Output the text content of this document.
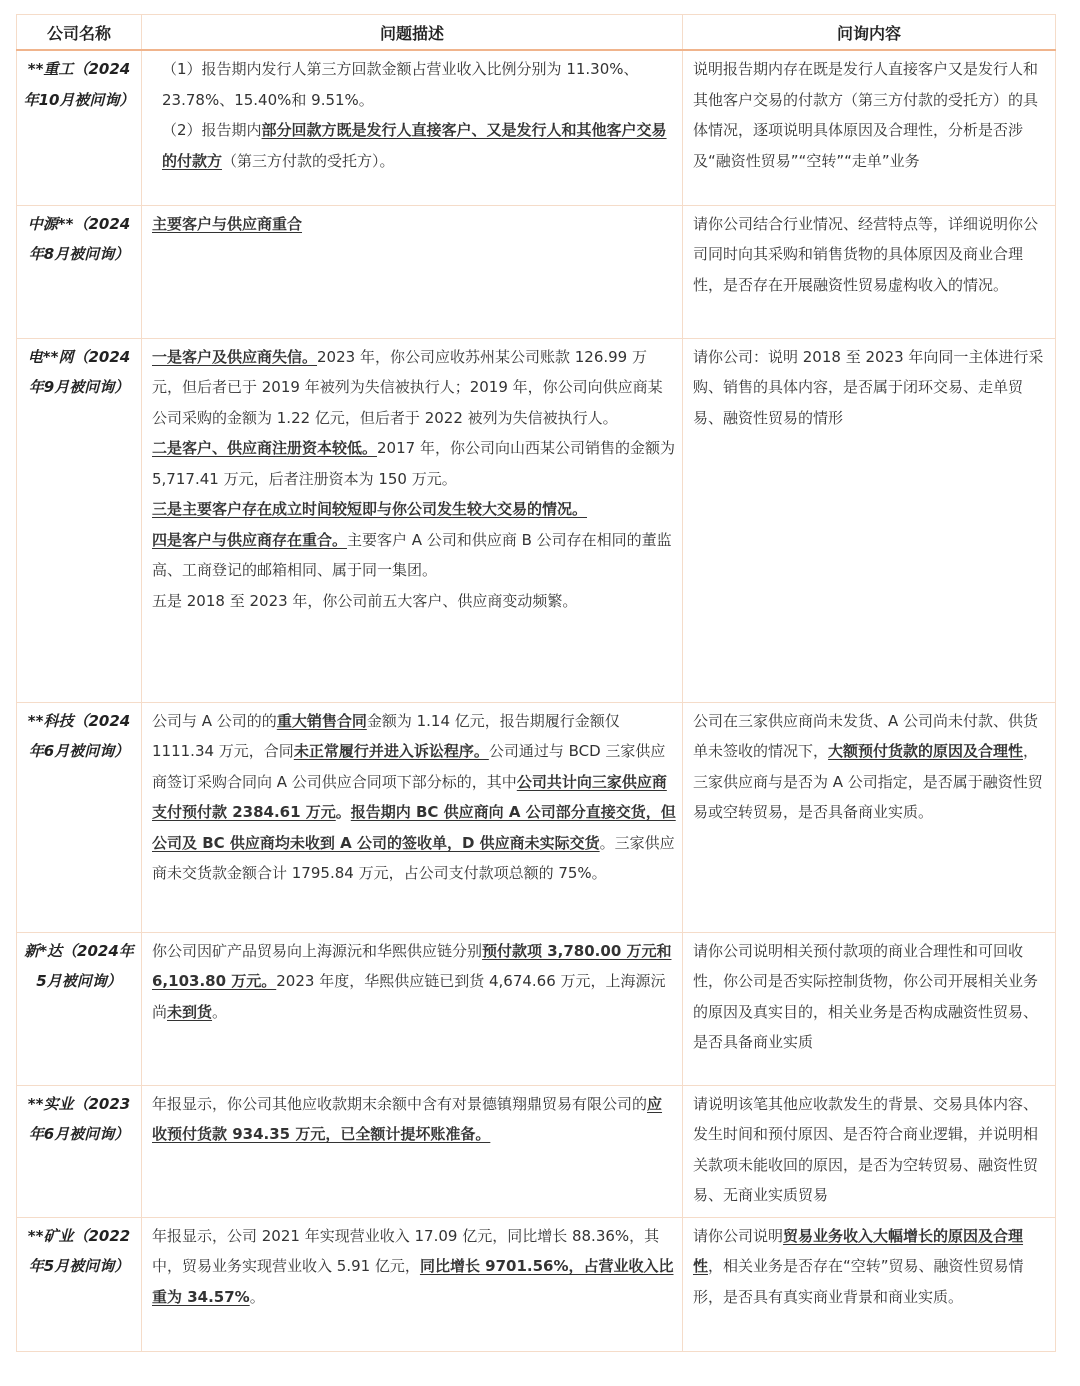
公司名称	问题描述	问询内容
**重工（2024年10月被问询）	（1）报告期内发行人第三方回款金额占营业收入比例分别为 11.30%、23.78%、15.40%和 9.51%。

（2）报告期内部分回款方既是发行人直接客户、又是发行人和其他客户交易的付款方（第三方付款的受托方）。	说明报告期内存在既是发行人直接客户又是发行人和其他客户交易的付款方（第三方付款的受托方）的具体情况，逐项说明具体原因及合理性，分析是否涉及“融资性贸易”“空转”“走单”业务
中源**（2024年8月被问询）	主要客户与供应商重合	请你公司结合行业情况、经营特点等，详细说明你公司同时向其采购和销售货物的具体原因及商业合理性，是否存在开展融资性贸易虚构收入的情况。
电**网（2024年9月被问询）	一是客户及供应商失信。2023 年，你公司应收苏州某公司账款 126.99 万元，但后者已于 2019 年被列为失信被执行人；2019 年，你公司向供应商某公司采购的金额为 1.22 亿元，但后者于 2022 被列为失信被执行人。

二是客户、供应商注册资本较低。2017 年，你公司向山西某公司销售的金额为 5,717.41 万元，后者注册资本为 150 万元。

三是主要客户存在成立时间较短即与你公司发生较大交易的情况。

四是客户与供应商存在重合。主要客户 A 公司和供应商 B 公司存在相同的董监高、工商登记的邮箱相同、属于同一集团。

五是 2018 至 2023 年，你公司前五大客户、供应商变动频繁。	请你公司：说明 2018 至 2023 年向同一主体进行采购、销售的具体内容，是否属于闭环交易、走单贸易、融资性贸易的情形
**科技（2024年6月被问询）	公司与 A 公司的的重大销售合同金额为 1.14 亿元，报告期履行金额仅 1111.34 万元，合同未正常履行并进入诉讼程序。公司通过与 BCD 三家供应商签订采购合同向 A 公司供应合同项下部分标的，其中公司共计向三家供应商支付预付款 2384.61 万元。报告期内 BC 供应商向 A 公司部分直接交货，但公司及 BC 供应商均未收到 A 公司的签收单，D 供应商未实际交货。三家供应商未交货款金额合计 1795.84 万元，占公司支付款项总额的 75%。	公司在三家供应商尚未发货、A 公司尚未付款、供货单未签收的情况下，大额预付货款的原因及合理性，三家供应商与是否为 A 公司指定，是否属于融资性贸易或空转贸易，是否具备商业实质。
新*达（2024年5月被问询）	你公司因矿产品贸易向上海源沅和华熙供应链分别预付款项 3,780.00 万元和 6,103.80 万元。2023 年度，华熙供应链已到货 4,674.66 万元，上海源沅尚未到货。	请你公司说明相关预付款项的商业合理性和可回收性，你公司是否实际控制货物，你公司开展相关业务的原因及真实目的，相关业务是否构成融资性贸易、是否具备商业实质
**实业（2023年6月被问询）	年报显示，你公司其他应收款期末余额中含有对景德镇翔鼎贸易有限公司的应收预付货款 934.35 万元，已全额计提坏账准备。	请说明该笔其他应收款发生的背景、交易具体内容、发生时间和预付原因、是否符合商业逻辑，并说明相关款项未能收回的原因，是否为空转贸易、融资性贸易、无商业实质贸易
**矿业（2022年5月被问询）	年报显示，公司 2021 年实现营业收入 17.09 亿元，同比增长 88.36%，其中，贸易业务实现营业收入 5.91 亿元，同比增长 9701.56%，占营业收入比重为 34.57%。	请你公司说明贸易业务收入大幅增长的原因及合理性，相关业务是否存在“空转”贸易、融资性贸易情形，是否具有真实商业背景和商业实质。
